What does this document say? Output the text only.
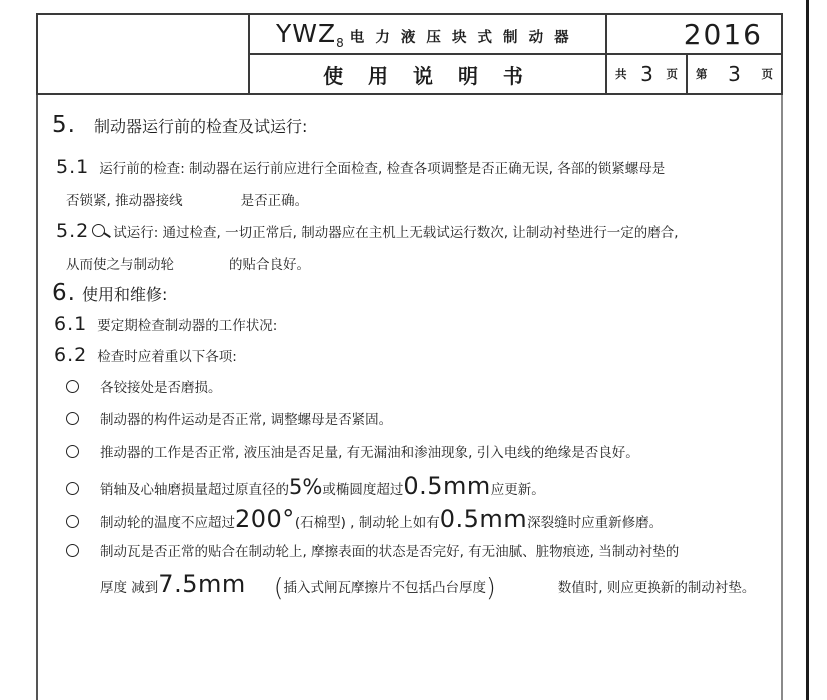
$YWZ_8$ 电 力 液 压 块 式 制 动 器
使 用 说 明 书
2016
共 3 页 第 3 页
5. 制动器运行前的检查及试运行:
5.1 运行前的检查: 制动器在运行前应进行全面检查, 检查各项调整是否正确无误, 各部的锁紧螺母是
否锁紧, 推动器接线	是否正确。
5.2 试运行: 通过检查, 一切正常后, 制动器应在主机上无载试运行数次, 让制动衬垫进行一定的磨合,
从而使之与制动轮	的贴合良好。
6. 使用和维修:
6.1 要定期检查制动器的工作状况:
6.2 检查时应着重以下各项:
各铰接处是否磨损。
制动器的构件运动是否正常, 调整螺母是否紧固。
推动器的工作是否正常, 液压油是否足量, 有无漏油和渗油现象, 引入电线的绝缘是否良好。
销轴及心轴磨损量超过原直径的5%或椭圆度超过0.5mm应更新。
制动轮的温度不应超过200°(石棉型) , 制动轮上如有0.5mm深裂缝时应重新修磨。
制动瓦是否正常的贴合在制动轮上, 摩擦表面的状态是否完好, 有无油腻、脏物痕迹, 当制动衬垫的
厚度 减到7.5mm (插入式闸瓦摩擦片不包括凸台厚度)	数值时, 则应更换新的制动衬垫。
